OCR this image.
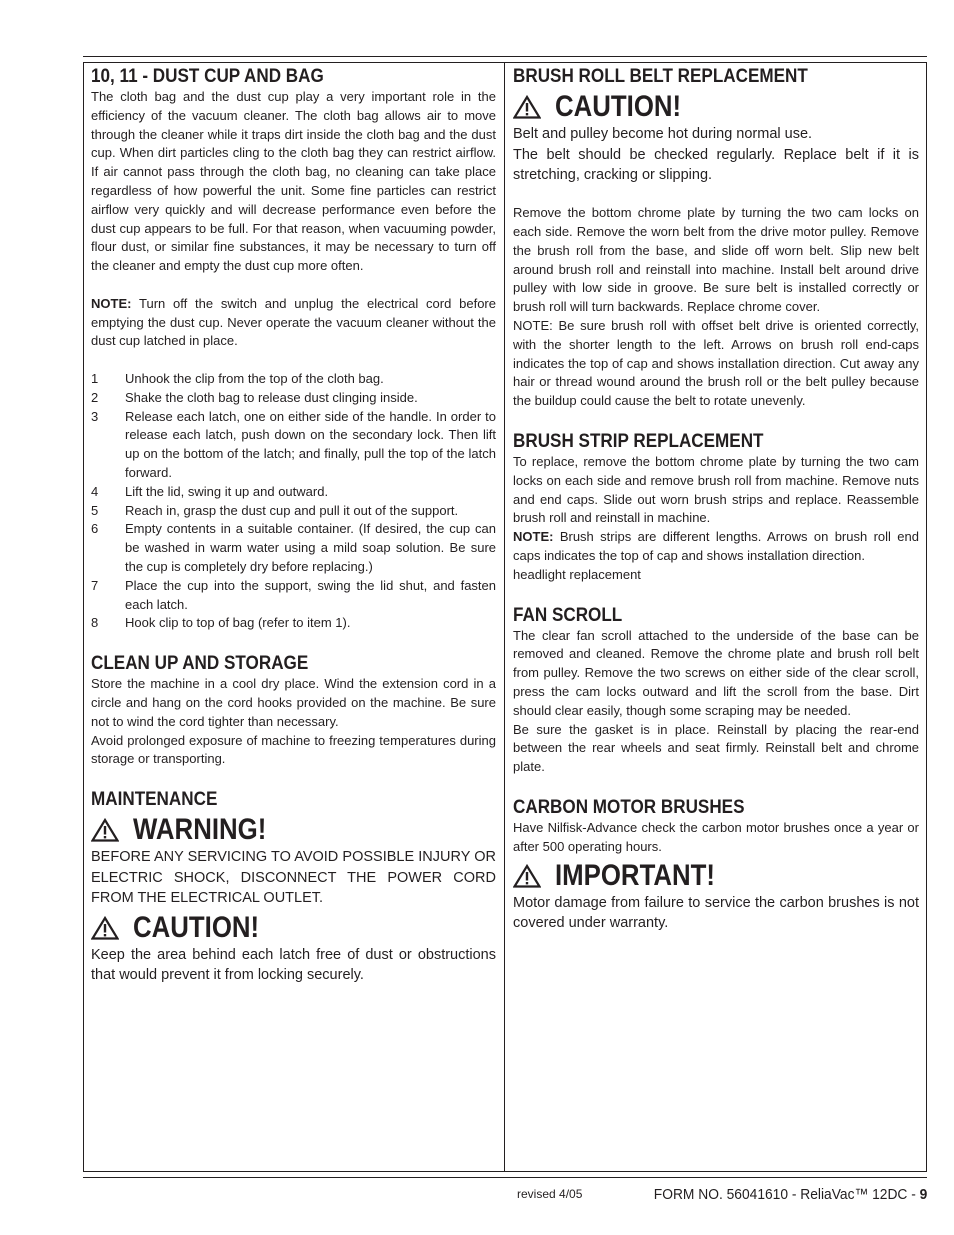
10, 11 - DUST CUP AND BAG

The cloth bag and the dust cup play a very important role in the efficiency of the vacuum cleaner. The cloth bag allows air to move through the cleaner while it traps dirt inside the cloth bag and the dust cup. When dirt particles cling to the cloth bag they can restrict airflow. If air cannot pass through the cloth bag, no cleaning can take place regardless of how powerful the unit. Some fine particles can restrict airflow very quickly and will decrease performance even before the dust cup appears to be full. For that reason, when vacuuming powder, flour dust, or similar fine substances, it may be necessary to turn off the cleaner and empty the dust cup more often.

NOTE: Turn off the switch and unplug the electrical cord before emptying the dust cup. Never operate the vacuum cleaner without the dust cup latched in place.

1	Unhook the clip from the top of the cloth bag.
2	Shake the cloth bag to release dust clinging inside.
3	Release each latch, one on either side of the handle. In order to release each latch, push down on the secondary lock. Then lift up on the bottom of the latch; and finally, pull the top of the latch forward.
4	Lift the lid, swing it up and outward.
5	Reach in, grasp the dust cup and pull it out of the support.
6	Empty contents in a suitable container. (If desired, the cup can be washed in warm water using a mild soap solution. Be sure the cup is completely dry before replacing.)
7	Place the cup into the support, swing the lid shut, and fasten each latch.
8	Hook clip to top of bag (refer to item 1).
CLEAN UP AND STORAGE

Store the machine in a cool dry place. Wind the extension cord in a circle and hang on the cord hooks provided on the machine. Be sure not to wind the cord tighter than necessary.

Avoid prolonged exposure of machine to freezing temperatures during storage or transporting.

MAINTENANCE
WARNING!

BEFORE ANY SERVICING TO AVOID POSSIBLE INJURY OR ELECTRIC SHOCK, DISCONNECT THE POWER CORD FROM THE ELECTRICAL OUTLET.

CAUTION!

Keep the area behind each latch free of dust or obstructions that would prevent it from locking securely.

BRUSH ROLL BELT REPLACEMENT
CAUTION!

Belt and pulley become hot during normal use.

The belt should be checked regularly. Replace belt if it is stretching, cracking or slipping.

Remove the bottom chrome plate by turning the two cam locks on each side. Remove the worn belt from the drive motor pulley. Remove the brush roll from the base, and slide off worn belt. Slip new belt around brush roll and reinstall into machine. Install belt around drive pulley with low side in groove. Be sure belt is installed correctly or brush roll will turn backwards. Replace chrome cover.

NOTE: Be sure brush roll with offset belt drive is oriented correctly, with the shorter length to the left. Arrows on brush roll end-caps indicates the top of cap and shows installation direction. Cut away any hair or thread wound around the brush roll or the belt pulley because the buildup could cause the belt to rotate unevenly.

BRUSH STRIP REPLACEMENT

To replace, remove the bottom chrome plate by turning the two cam locks on each side and remove brush roll from machine. Remove nuts and end caps. Slide out worn brush strips and replace. Reassemble brush roll and reinstall in machine.

NOTE: Brush strips are different lengths. Arrows on brush roll end caps indicates the top of cap and shows installation direction.

headlight replacement

FAN SCROLL

The clear fan scroll attached to the underside of the base can be removed and cleaned. Remove the chrome plate and brush roll belt from pulley. Remove the two screws on either side of the clear scroll, press the cam locks outward and lift the scroll from the base. Dirt should clear easily, though some scraping may be needed.

Be sure the gasket is in place. Reinstall by placing the rear-end between the rear wheels and seat firmly. Reinstall belt and chrome plate.

CARBON MOTOR BRUSHES

Have Nilfisk-Advance check the carbon motor brushes once a year or after 500 operating hours.

IMPORTANT!

Motor damage from failure to service the carbon brushes is not covered under warranty.

revised 4/05	FORM NO. 56041610 - ReliaVac™ 12DC - 9
